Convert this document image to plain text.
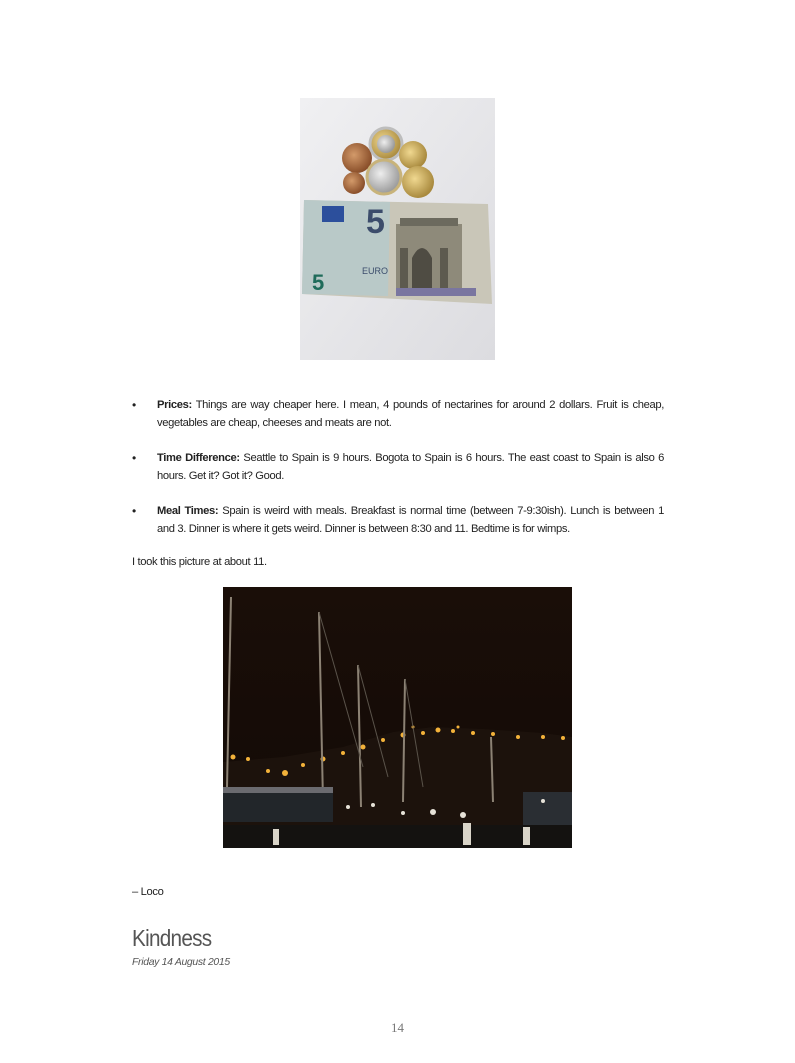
5
5	EURO
• Prices: Things are way cheaper here. I mean, 4 pounds of nectarines for around 2 dollars. Fruit is cheap, vegetables are cheap, cheeses and meats are not.
• Time Difference: Seattle to Spain is 9 hours. Bogota to Spain is 6 hours. The east coast to Spain is also 6 hours. Get it? Got it? Good.
• Meal Times: Spain is weird with meals. Breakfast is normal time (between 7-9:30ish). Lunch is between 1 and 3. Dinner is where it gets weird. Dinner is between 8:30 and 11. Bedtime is for wimps.
I took this picture at about 11.
– Loco
Kindness
Friday 14 August 2015
14
